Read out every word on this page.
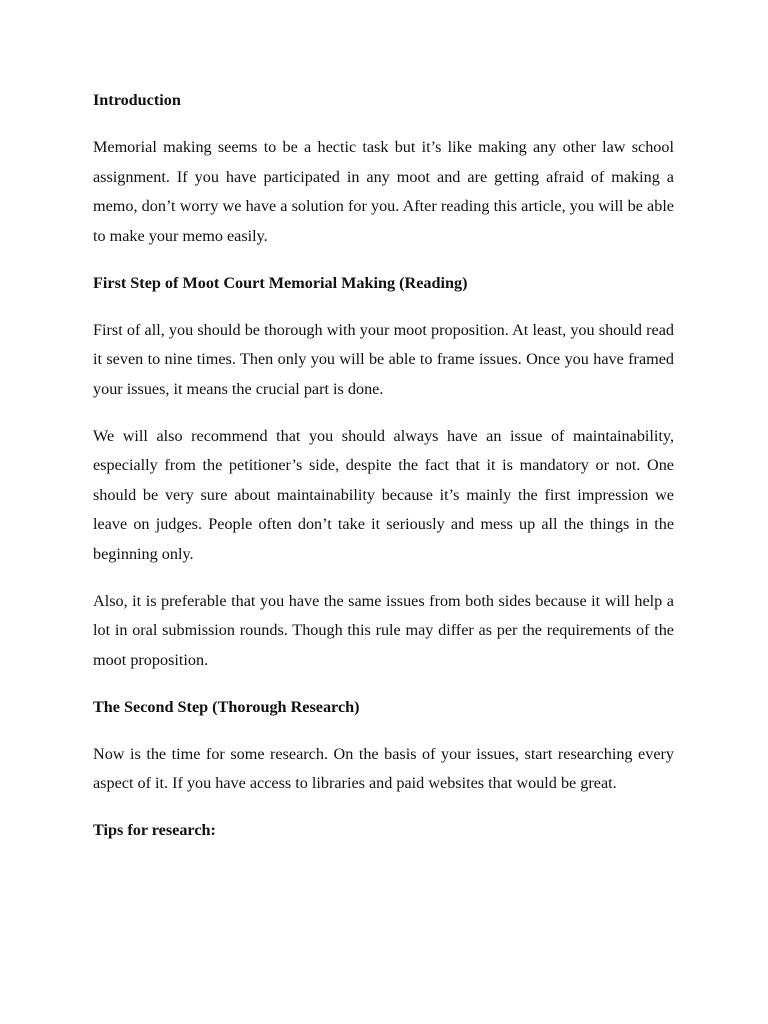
Introduction
Memorial making seems to be a hectic task but it’s like making any other law school assignment. If you have participated in any moot and are getting afraid of making a memo, don’t worry we have a solution for you. After reading this article, you will be able to make your memo easily.
First Step of Moot Court Memorial Making (Reading)
First of all, you should be thorough with your moot proposition. At least, you should read it seven to nine times. Then only you will be able to frame issues. Once you have framed your issues, it means the crucial part is done.
We will also recommend that you should always have an issue of maintainability, especially from the petitioner’s side, despite the fact that it is mandatory or not. One should be very sure about maintainability because it’s mainly the first impression we leave on judges. People often don’t take it seriously and mess up all the things in the beginning only.
Also, it is preferable that you have the same issues from both sides because it will help a lot in oral submission rounds. Though this rule may differ as per the requirements of the moot proposition.
The Second Step (Thorough Research)
Now is the time for some research. On the basis of your issues, start researching every aspect of it. If you have access to libraries and paid websites that would be great.
Tips for research:
